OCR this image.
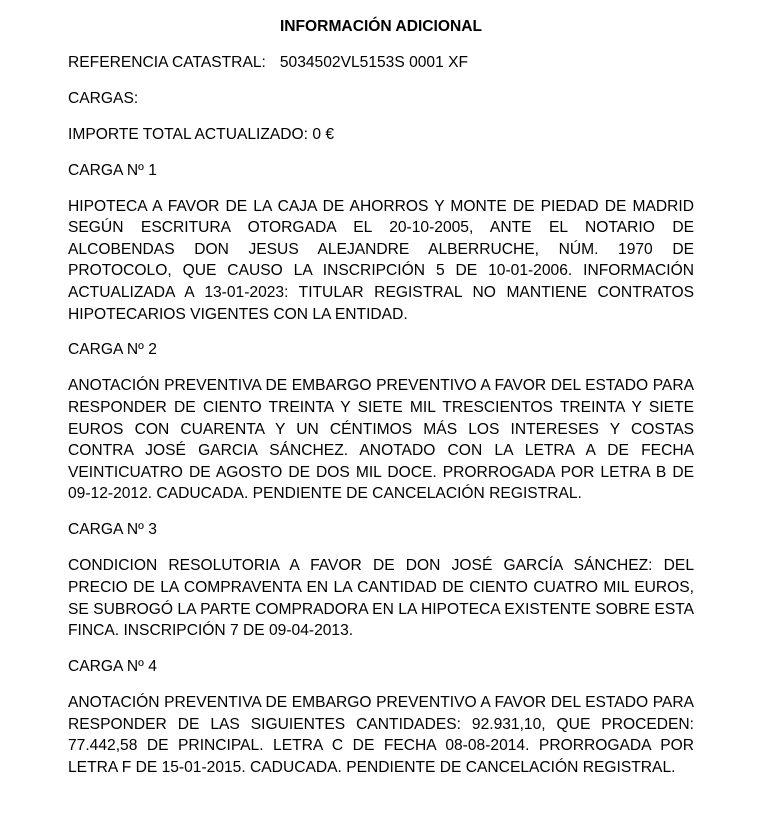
INFORMACIÓN ADICIONAL
REFERENCIA CATASTRAL: 5034502VL5153S 0001 XF
CARGAS:
IMPORTE TOTAL ACTUALIZADO: 0 €
CARGA Nº 1
HIPOTECA A FAVOR DE LA CAJA DE AHORROS Y MONTE DE PIEDAD DE MADRID SEGÚN ESCRITURA OTORGADA EL 20-10-2005, ANTE EL NOTARIO DE ALCOBENDAS DON JESUS ALEJANDRE ALBERRUCHE, NÚM. 1970 DE PROTOCOLO, QUE CAUSO LA INSCRIPCIÓN 5 DE 10-01-2006. INFORMACIÓN ACTUALIZADA A 13-01-2023: TITULAR REGISTRAL NO MANTIENE CONTRATOS HIPOTECARIOS VIGENTES CON LA ENTIDAD.
CARGA Nº 2
ANOTACIÓN PREVENTIVA DE EMBARGO PREVENTIVO A FAVOR DEL ESTADO PARA RESPONDER DE CIENTO TREINTA Y SIETE MIL TRESCIENTOS TREINTA Y SIETE EUROS CON CUARENTA Y UN CÉNTIMOS MÁS LOS INTERESES Y COSTAS CONTRA JOSÉ GARCIA SÁNCHEZ. ANOTADO CON LA LETRA A DE FECHA VEINTICUATRO DE AGOSTO DE DOS MIL DOCE. PRORROGADA POR LETRA B DE 09-12-2012. CADUCADA. PENDIENTE DE CANCELACIÓN REGISTRAL.
CARGA Nº 3
CONDICION RESOLUTORIA A FAVOR DE DON JOSÉ GARCÍA SÁNCHEZ: DEL PRECIO DE LA COMPRAVENTA EN LA CANTIDAD DE CIENTO CUATRO MIL EUROS, SE SUBROGÓ LA PARTE COMPRADORA EN LA HIPOTECA EXISTENTE SOBRE ESTA FINCA. INSCRIPCIÓN 7 DE 09-04-2013.
CARGA Nº 4
ANOTACIÓN PREVENTIVA DE EMBARGO PREVENTIVO A FAVOR DEL ESTADO PARA RESPONDER DE LAS SIGUIENTES CANTIDADES: 92.931,10, QUE PROCEDEN: 77.442,58 DE PRINCIPAL. LETRA C DE FECHA 08-08-2014. PRORROGADA POR LETRA F DE 15-01-2015. CADUCADA. PENDIENTE DE CANCELACIÓN REGISTRAL.
